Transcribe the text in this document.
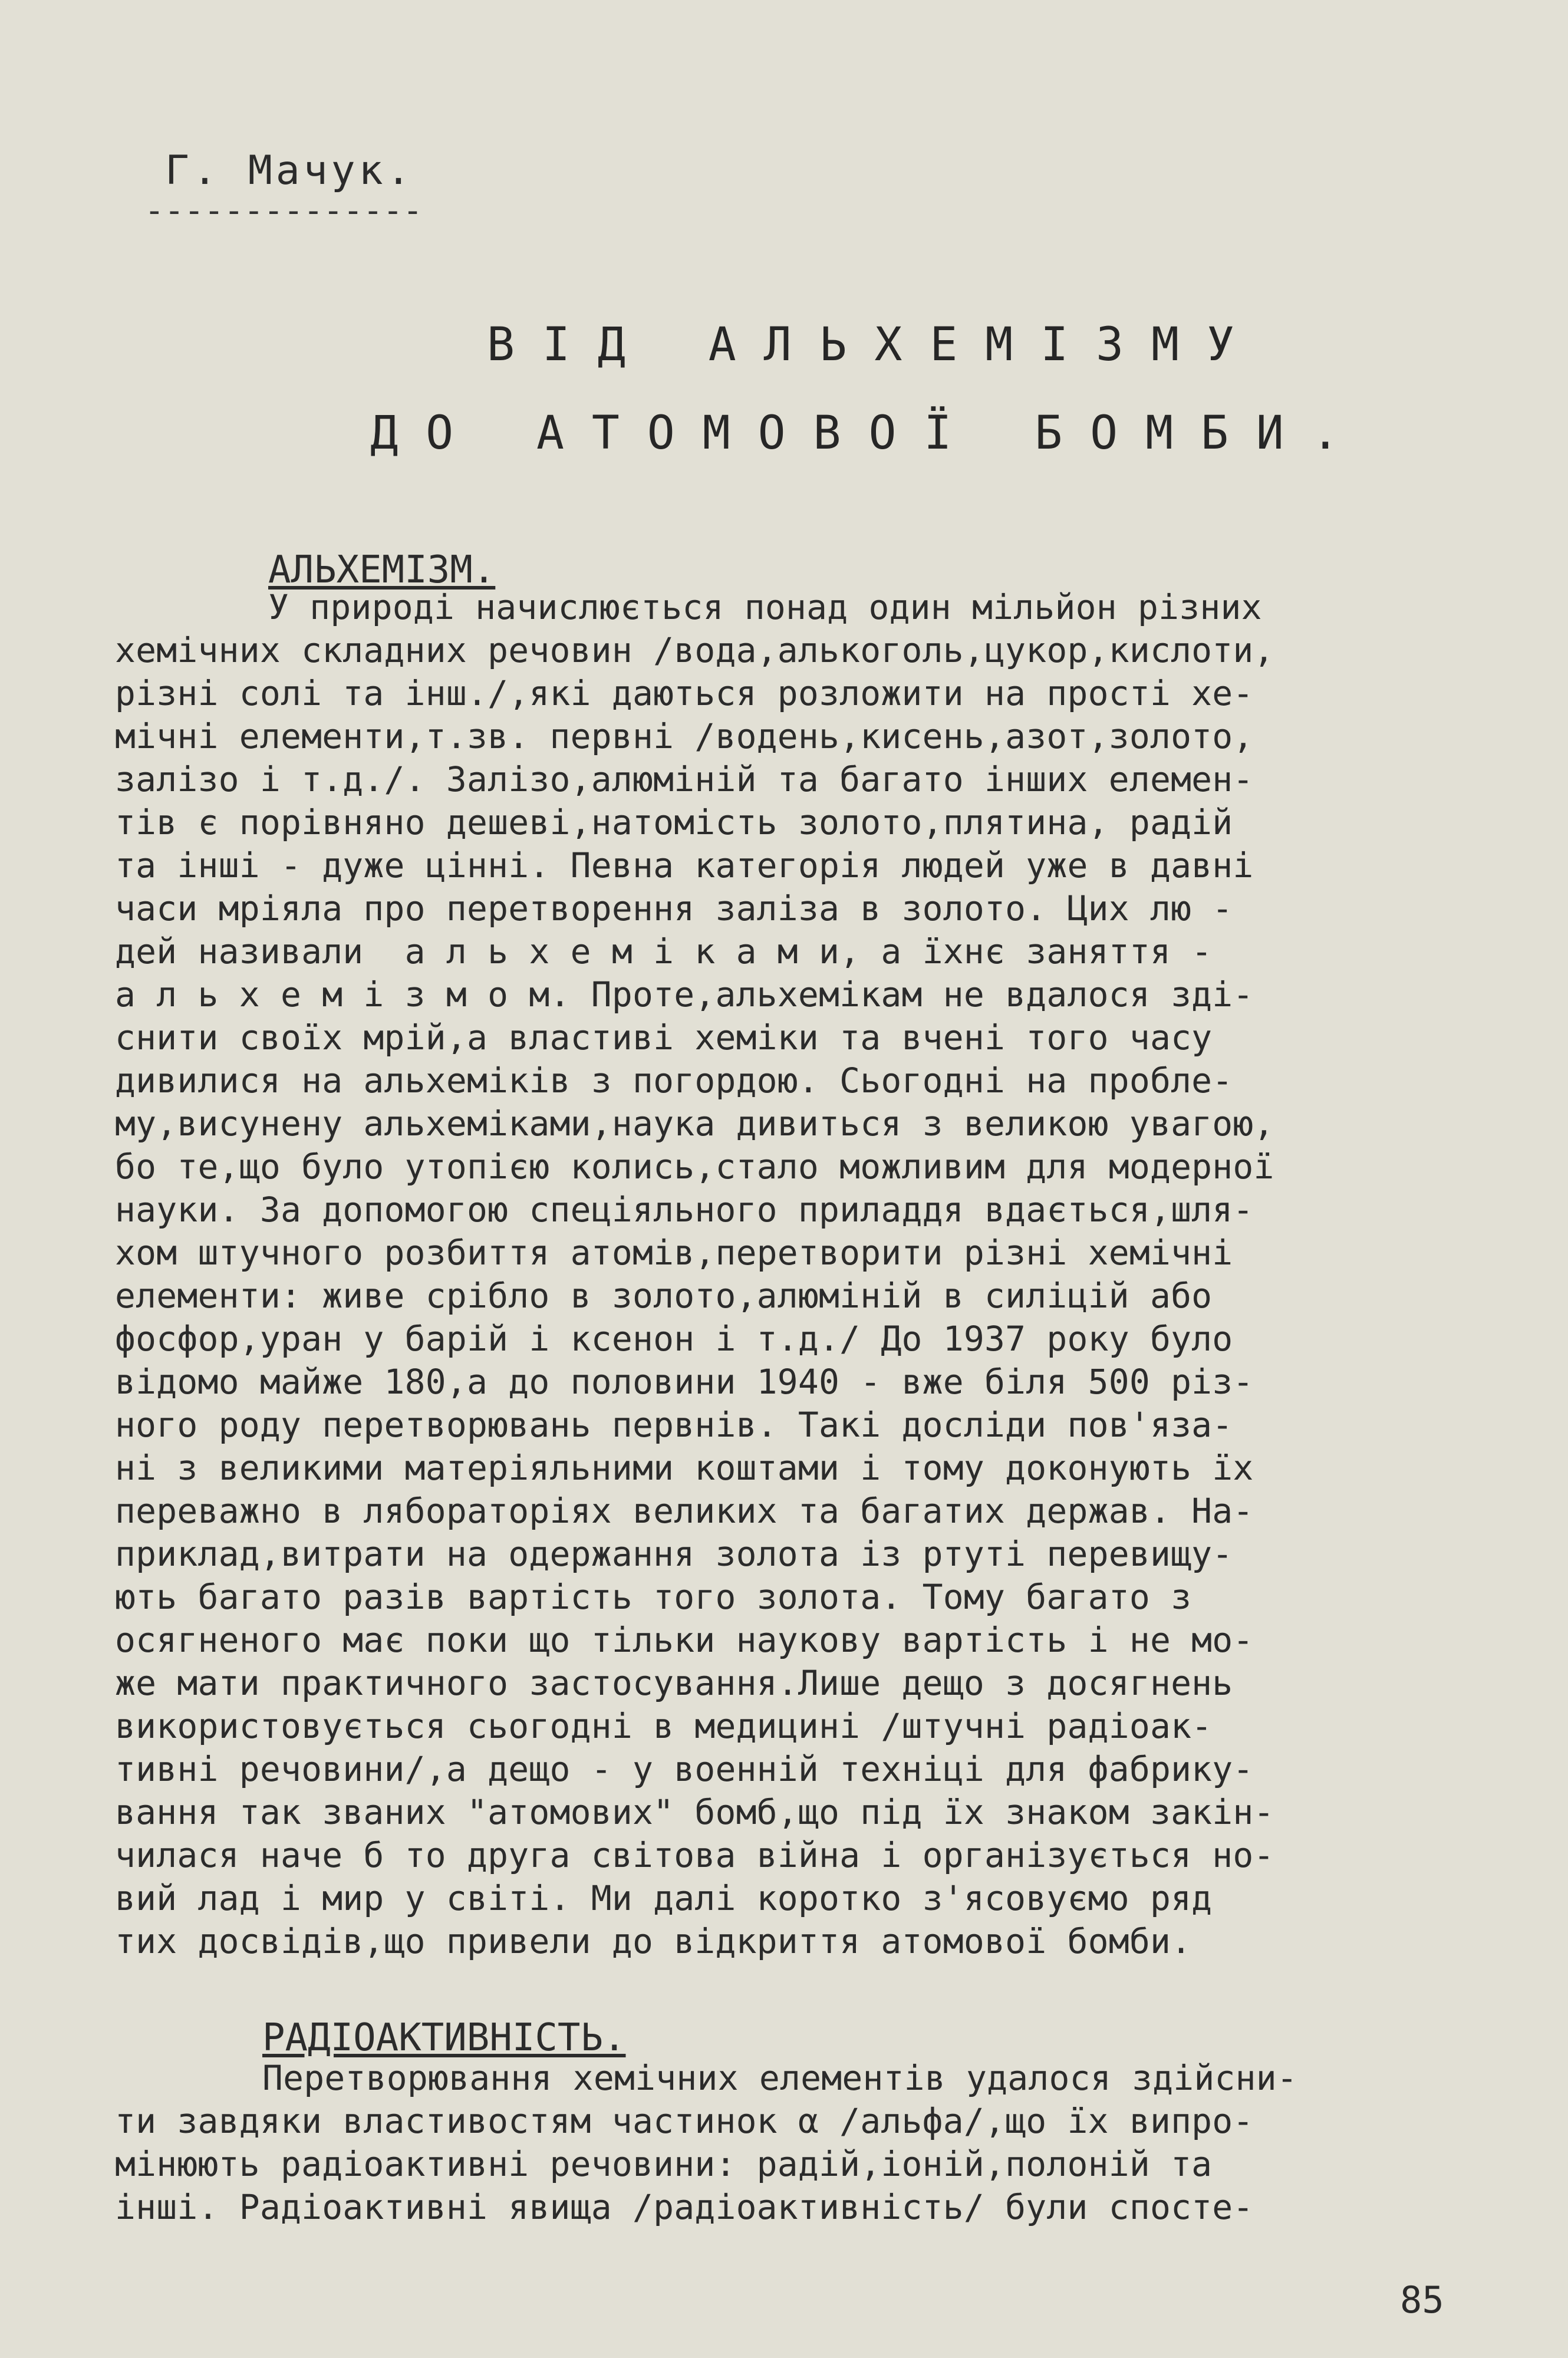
Г. Мачук.
--------------
В І Д   А Л Ь Х Е М І З М У
Д О   А Т О М О В О Ї   Б О М Б И .
АЛЬХЕМІЗМ.
У природі начислюється понад один мільйон різних
хемічних складних речовин /вода,алькоголь,цукор,кислоти,
різні солі та інш./,які даються розложити на прості хе-
мічні елементи,т.зв. первні /водень,кисень,азот,золото,
залізо і т.д./. Залізо,алюміній та багато інших елемен-
тів є порівняно дешеві,натомість золото,плятина, радій
та інші - дуже цінні. Певна категорія людей уже в давні
часи мріяла про перетворення заліза в золото. Цих лю -
дей називали  а л ь х е м і к а м и, а їхнє заняття -
а л ь х е м і з м о м. Проте,альхемікам не вдалося зді-
снити своїх мрій,а властиві хеміки та вчені того часу
дивилися на альхеміків з погордою. Сьогодні на пробле-
му,висунену альхеміками,наука дивиться з великою увагою,
бо те,що було утопією колись,стало можливим для модерної
науки. За допомогою спеціяльного приладдя вдається,шля-
хом штучного розбиття атомів,перетворити різні хемічні
елементи: живе срібло в золото,алюміній в силіцій або
фосфор,уран у барій і ксенон і т.д./ До 1937 року було
відомо майже 180,а до половини 1940 - вже біля 500 різ-
ного роду перетворювань первнів. Такі досліди пов'яза-
ні з великими матеріяльними коштами і тому доконують їх
переважно в ляборатоpіях великих та багатих держав. На-
приклад,витрати на одержання золота із ртуті перевищу-
ють багато разів вартість того золота. Тому багато з
осягненого має поки що тільки наукову вартість і не мо-
же мати практичного застосування.Лише дещо з досягнень
використовується сьогодні в медицині /штучні радіоак-
тивні речовини/,а дещо - у военній техніці для фабрику-
вання так званих "атомових" бомб,що під їх знаком закін-
чилася наче б то друга світова війна і організується но-
вий лад і мир у світі. Ми далі коротко з'ясовуємо ряд
тих досвідів,що привели до відкриття атомової бомби.
РАДІОАКТИВНІСТЬ.
Перетворювання хемічних елементів удалося здійсни-
ти завдяки властивостям частинок α /альфа/,що їх випро-
мінюють радіоактивні речовини: радій,іоній,полоній та
інші. Радіоактивні явища /радіоактивність/ були спосте-
85
